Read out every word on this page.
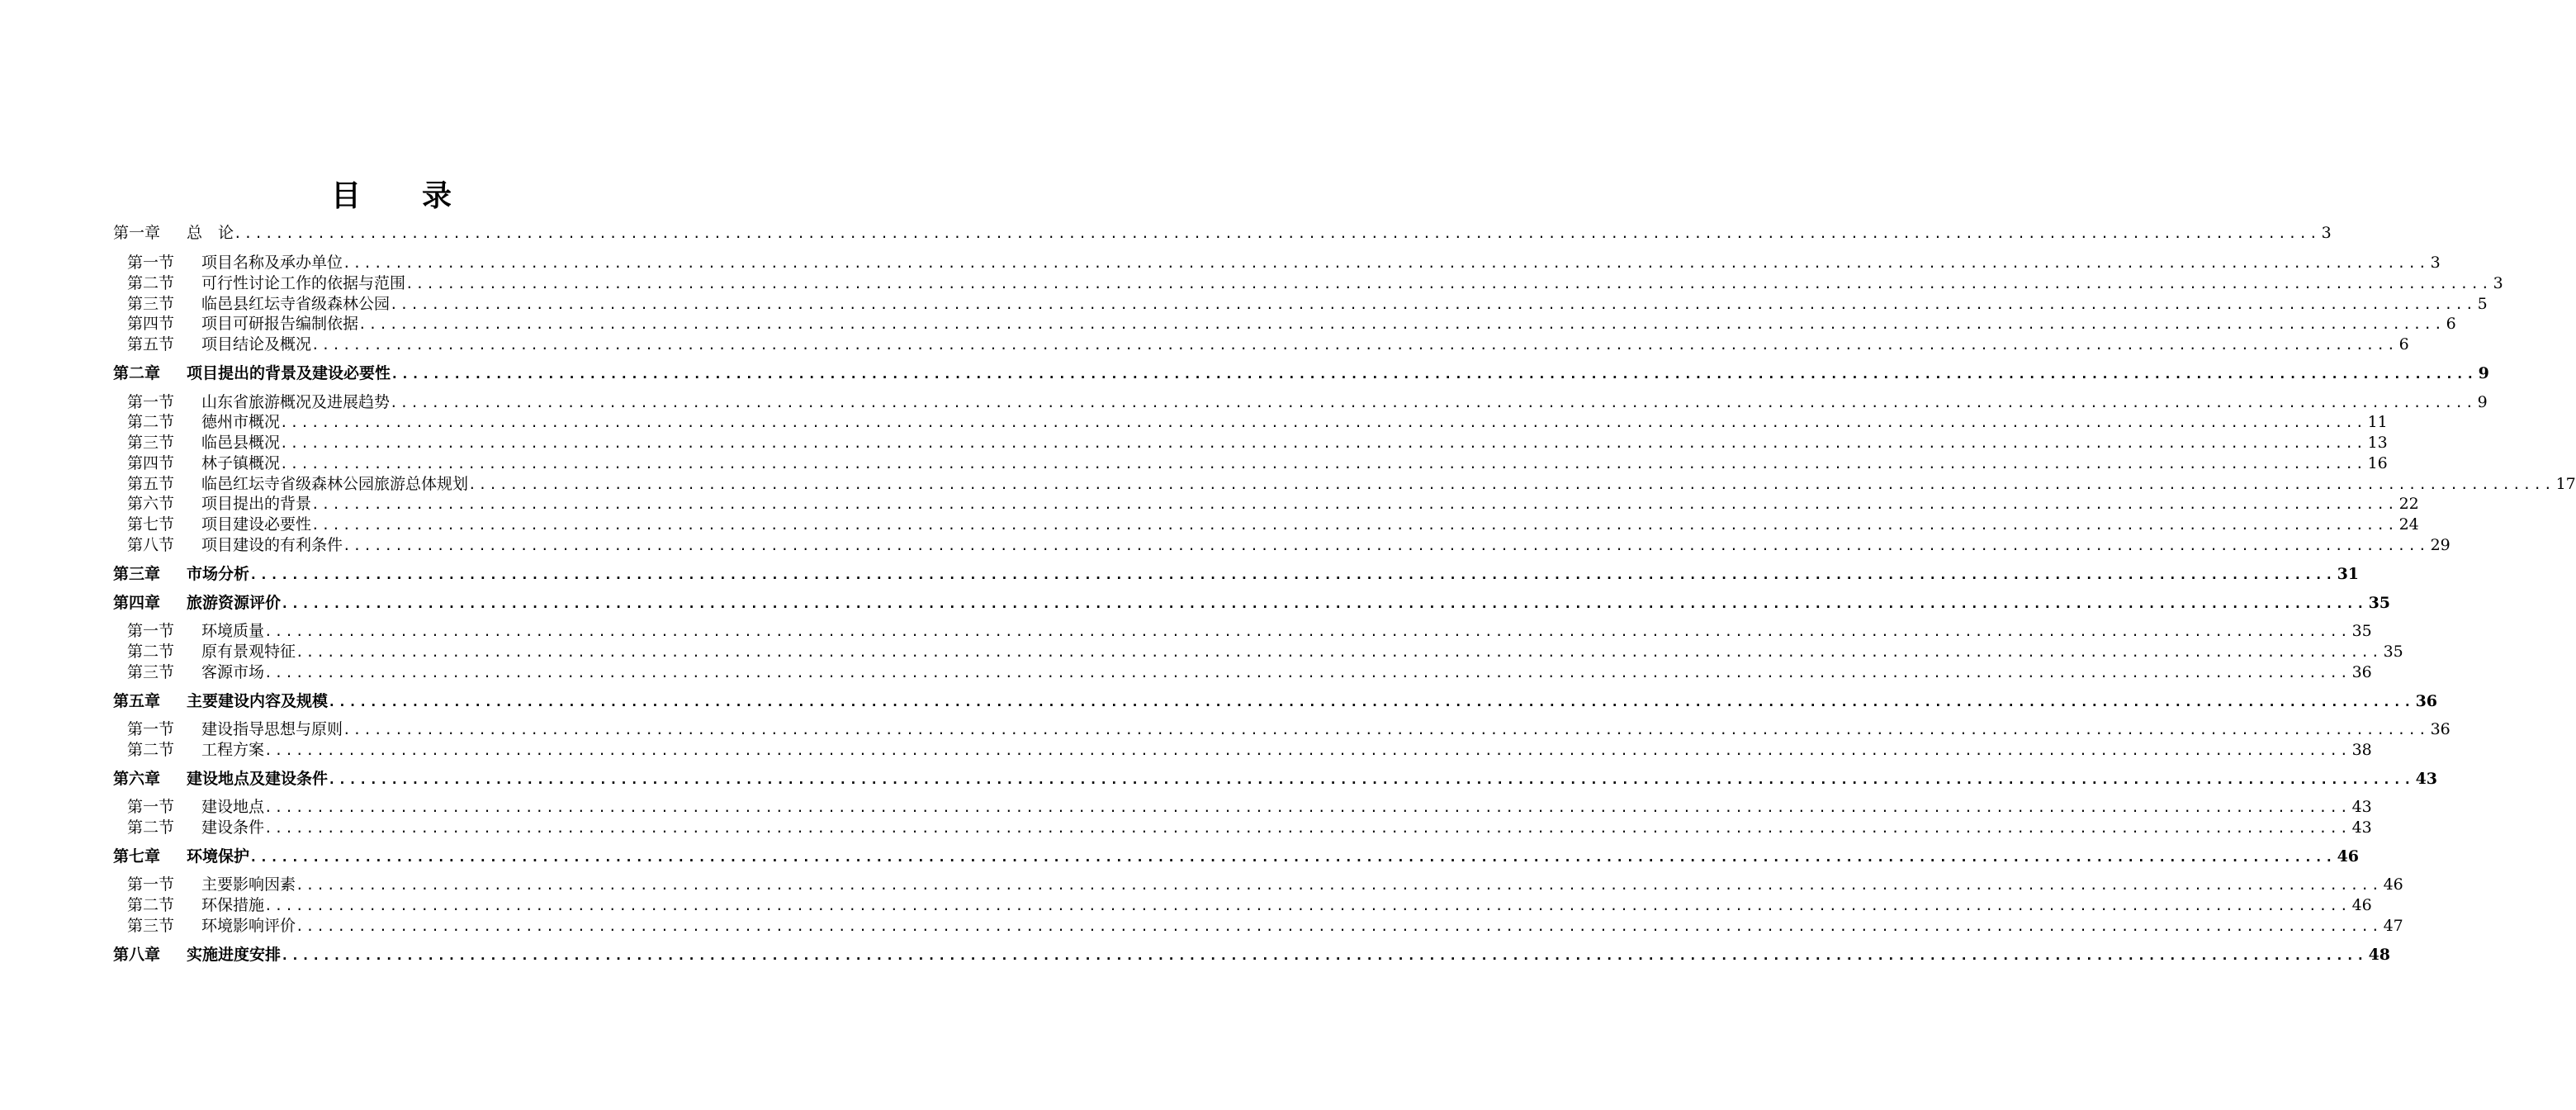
目 录
第一章 总　论 ........................................................................................................................................................................................................ 3
第一节 项目名称及承办单位 ........................................................................................................................................................................................................ 3
第二节 可行性讨论工作的依据与范围 ........................................................................................................................................................................................................ 3
第三节 临邑县红坛寺省级森林公园 ........................................................................................................................................................................................................ 5
第四节 项目可研报告编制依据 ........................................................................................................................................................................................................ 6
第五节 项目结论及概况 ........................................................................................................................................................................................................ 6
第二章 项目提出的背景及建设必要性 ........................................................................................................................................................................................................ 9
第一节 山东省旅游概况及进展趋势 ........................................................................................................................................................................................................ 9
第二节 德州市概况 ........................................................................................................................................................................................................ 11
第三节 临邑县概况 ........................................................................................................................................................................................................ 13
第四节 林子镇概况 ........................................................................................................................................................................................................ 16
第五节 临邑红坛寺省级森林公园旅游总体规划 ........................................................................................................................................................................................................ 17
第六节 项目提出的背景 ........................................................................................................................................................................................................ 22
第七节 项目建设必要性 ........................................................................................................................................................................................................ 24
第八节 项目建设的有利条件 ........................................................................................................................................................................................................ 29
第三章 市场分析 ........................................................................................................................................................................................................ 31
第四章 旅游资源评价 ........................................................................................................................................................................................................ 35
第一节 环境质量 ........................................................................................................................................................................................................ 35
第二节 原有景观特征 ........................................................................................................................................................................................................ 35
第三节 客源市场 ........................................................................................................................................................................................................ 36
第五章 主要建设内容及规模 ........................................................................................................................................................................................................ 36
第一节 建设指导思想与原则 ........................................................................................................................................................................................................ 36
第二节 工程方案 ........................................................................................................................................................................................................ 38
第六章 建设地点及建设条件 ........................................................................................................................................................................................................ 43
第一节 建设地点 ........................................................................................................................................................................................................ 43
第二节 建设条件 ........................................................................................................................................................................................................ 43
第七章 环境保护 ........................................................................................................................................................................................................ 46
第一节 主要影响因素 ........................................................................................................................................................................................................ 46
第二节 环保措施 ........................................................................................................................................................................................................ 46
第三节 环境影响评价 ........................................................................................................................................................................................................ 47
第八章 实施进度安排 ........................................................................................................................................................................................................ 48
